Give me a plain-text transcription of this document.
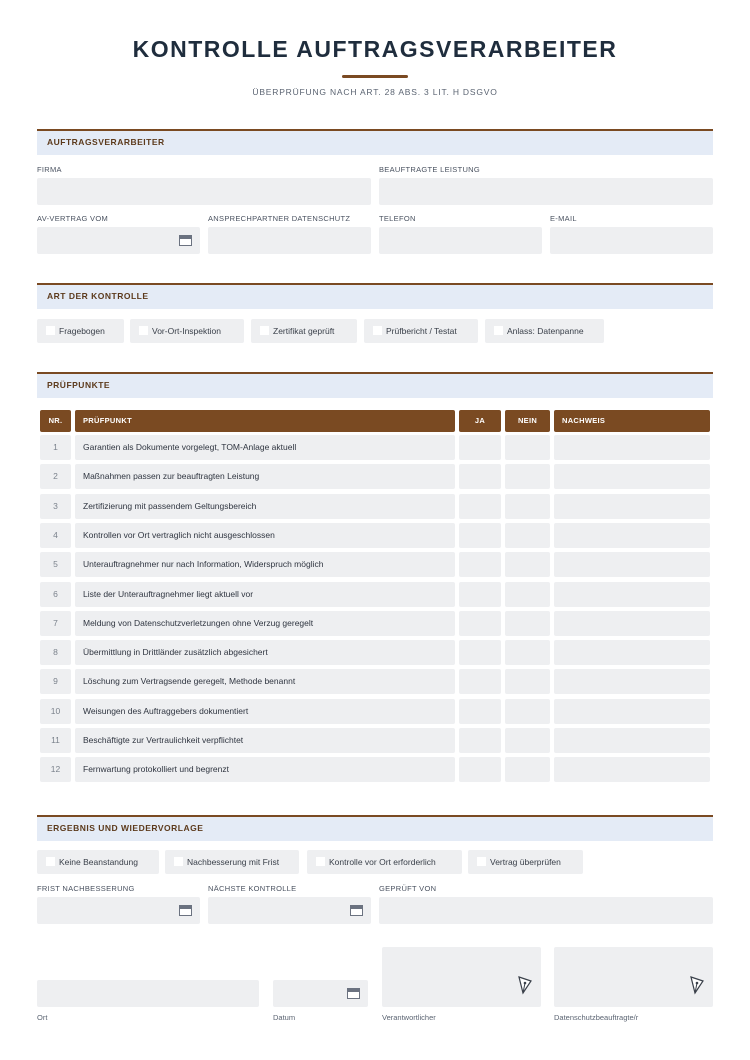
KONTROLLE AUFTRAGSVERARBEITER
ÜBERPRÜFUNG NACH ART. 28 ABS. 3 LIT. H DSGVO
AUFTRAGSVERARBEITER
FIRMA	BEAUFTRAGTE LEISTUNG
AV-VERTRAG VOM	ANSPRECHPARTNER DATENSCHUTZ	TELEFON	E-MAIL
ART DER KONTROLLE
Fragebogen	Vor-Ort-Inspektion	Zertifikat geprüft	Prüfbericht / Testat	Anlass: Datenpanne
PRÜFPUNKTE
NR.	PRÜFPUNKT	JA	NEIN	NACHWEIS
1	Garantien als Dokumente vorgelegt, TOM-Anlage aktuell
2	Maßnahmen passen zur beauftragten Leistung
3	Zertifizierung mit passendem Geltungsbereich
4	Kontrollen vor Ort vertraglich nicht ausgeschlossen
5	Unterauftragnehmer nur nach Information, Widerspruch möglich
6	Liste der Unterauftragnehmer liegt aktuell vor
7	Meldung von Datenschutzverletzungen ohne Verzug geregelt
8	Übermittlung in Drittländer zusätzlich abgesichert
9	Löschung zum Vertragsende geregelt, Methode benannt
10	Weisungen des Auftraggebers dokumentiert
11	Beschäftigte zur Vertraulichkeit verpflichtet
12	Fernwartung protokolliert und begrenzt
ERGEBNIS UND WIEDERVORLAGE
Keine Beanstandung	Nachbesserung mit Frist	Kontrolle vor Ort erforderlich	Vertrag überprüfen
FRIST NACHBESSERUNG	NÄCHSTE KONTROLLE	GEPRÜFT VON
Ort	Datum	Verantwortlicher	Datenschutzbeauftragte/r
